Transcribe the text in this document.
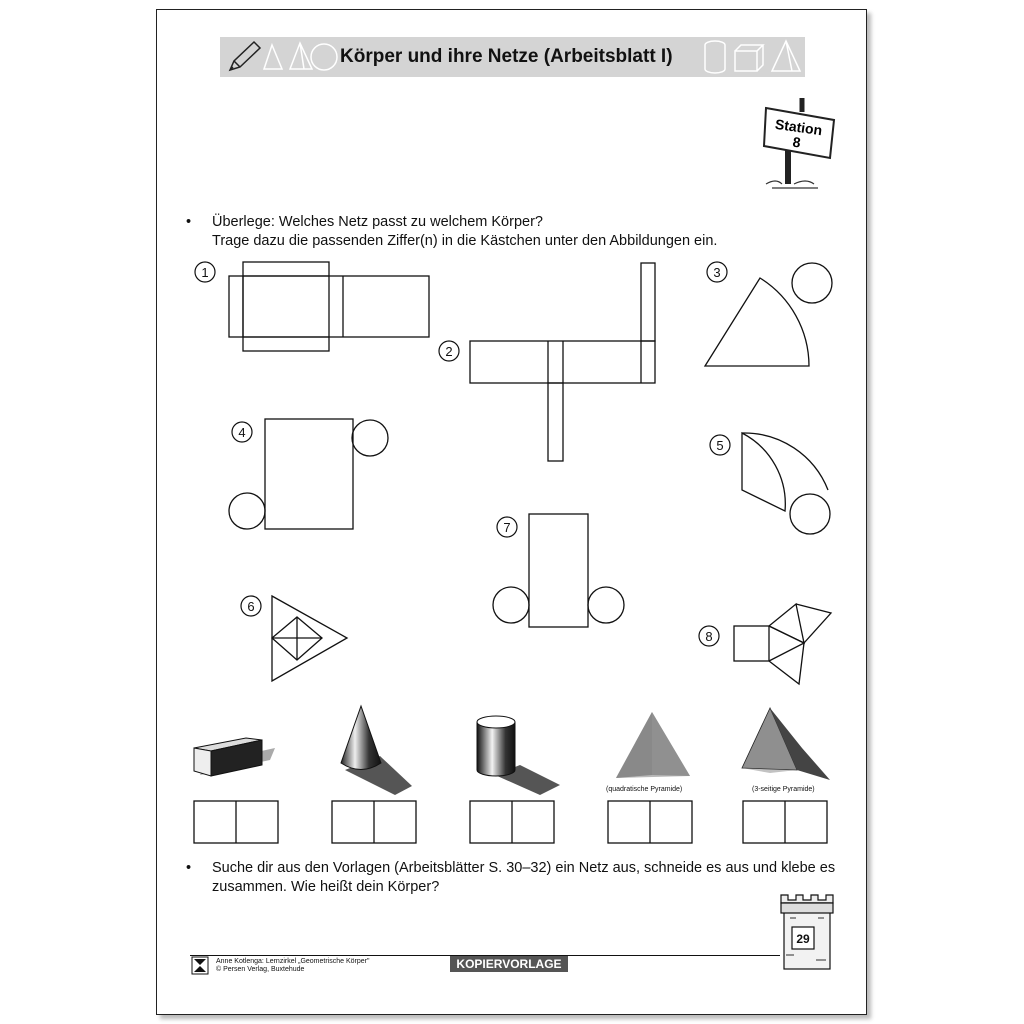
Körper und ihre Netze (Arbeitsblatt I)
Station
8
• Überlege: Welches Netz passt zu welchem Körper?
Trage dazu die passenden Ziffer(n) in die Kästchen unter den Abbildungen ein.
1
2
3
4
5
6
7
8
29
(quadratische Pyramide)	(3-seitige Pyramide)
• Suche dir aus den Vorlagen (Arbeitsblätter S. 30–32) ein Netz aus, schneide es aus und klebe es
zusammen. Wie heißt dein Körper?
Anne Kotlenga: Lernzirkel „Geometrische Körper"
© Persen Verlag, Buxtehude	KOPIERVORLAGE
